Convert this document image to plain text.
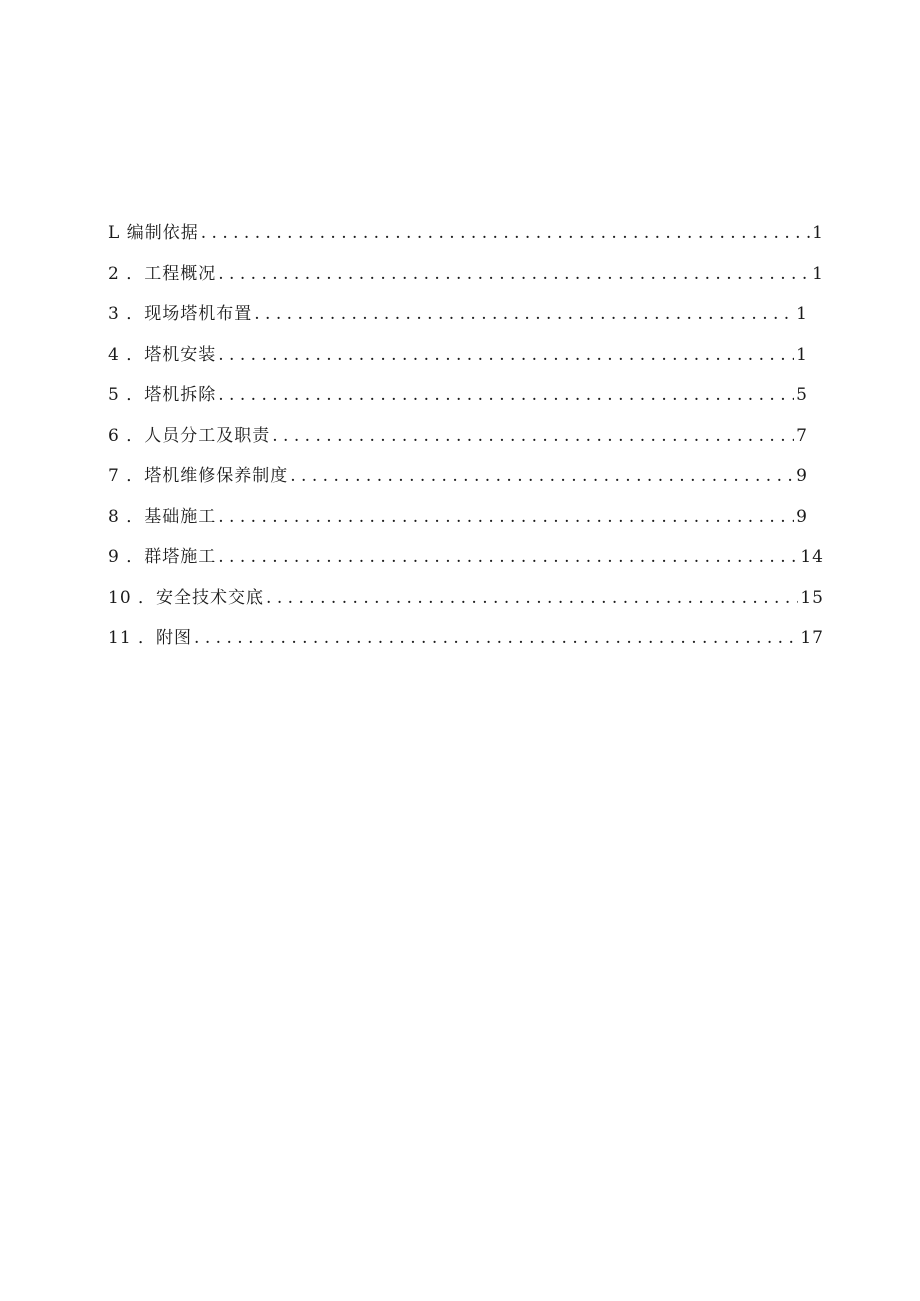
L 编制依据 . . .	1
2 ．工程概况 . . .	1
3 ．现场塔机布置 . . .	1
4 ．塔机安装 . . .	1
5 ．塔机拆除 . . .	5
6 ．人员分工及职责 . . .	7
7 ．塔机维修保养制度 . . .	9
8 ．基础施工 . . .	9
9 ．群塔施工 . . .	14
10 ．安全技术交底 . . .	15
11 ．附图 . . .	17
